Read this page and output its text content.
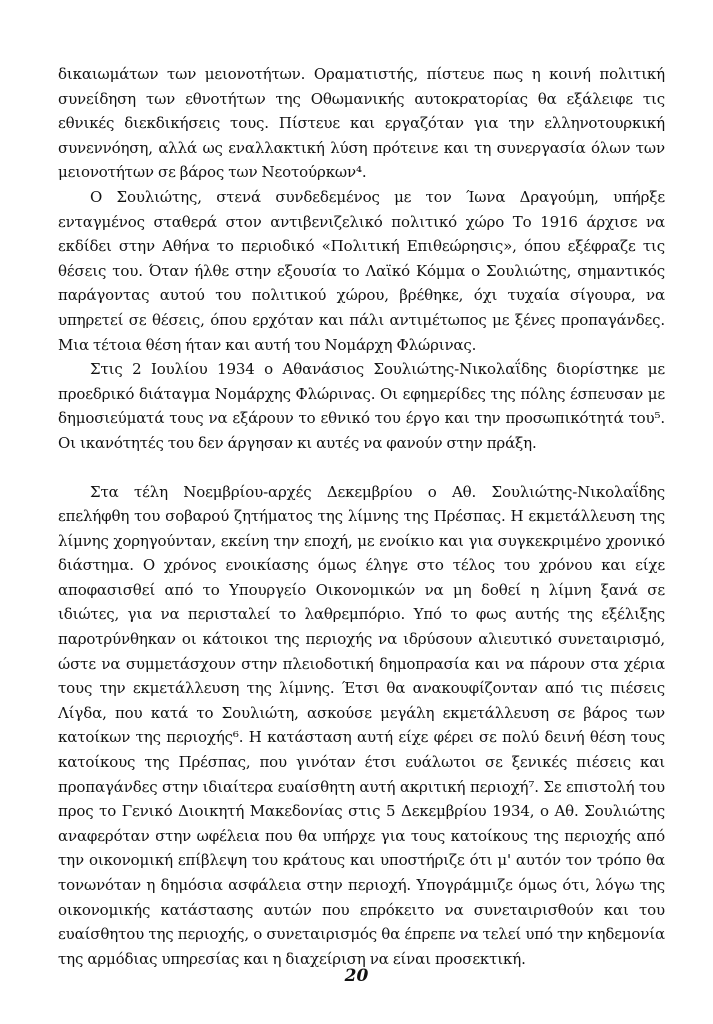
δικαιωμάτων των μειονοτήτων. Οραματιστής, πίστευε πως η κοινή πολιτική συνείδηση των εθνοτήτων της Οθωμανικής αυτοκρατορίας θα εξάλειφε τις εθνικές διεκδικήσεις τους. Πίστευε και εργαζόταν για την ελληνοτουρκική συνεννόηση, αλλά ως εναλλακτική λύση πρότεινε και τη συνεργασία όλων των μειονοτήτων σε βάρος των Νεοτούρκων⁴.

Ο Σουλιώτης, στενά συνδεδεμένος με τον Ίωνα Δραγούμη, υπήρξε ενταγμένος σταθερά στον αντιβενιζελικό πολιτικό χώρο Το 1916 άρχισε να εκδίδει στην Αθήνα το περιοδικό «Πολιτική Επιθεώρησις», όπου εξέφραζε τις θέσεις του. Όταν ήλθε στην εξουσία το Λαϊκό Κόμμα ο Σουλιώτης, σημαντικός παράγοντας αυτού του πολιτικού χώρου, βρέθηκε, όχι τυχαία σίγουρα, να υπηρετεί σε θέσεις, όπου ερχόταν και πάλι αντιμέτωπος με ξένες προπαγάνδες. Μια τέτοια θέση ήταν και αυτή του Νομάρχη Φλώρινας.

Στις 2 Ιουλίου 1934 ο Αθανάσιος Σουλιώτης-Νικολαΐδης διορίστηκε με προεδρικό διάταγμα Νομάρχης Φλώρινας. Οι εφημερίδες της πόλης έσπευσαν με δημοσιεύματά τους να εξάρουν το εθνικό του έργο και την προσωπικότητά του⁵. Οι ικανότητές του δεν άργησαν κι αυτές να φανούν στην πράξη.

Στα τέλη Νοεμβρίου-αρχές Δεκεμβρίου ο Αθ. Σουλιώτης-Νικολαΐδης επελήφθη του σοβαρού ζητήματος της λίμνης της Πρέσπας. Η εκμετάλλευση της λίμνης χορηγούνταν, εκείνη την εποχή, με ενοίκιο και για συγκεκριμένο χρονικό διάστημα. Ο χρόνος ενοικίασης όμως έληγε στο τέλος του χρόνου και είχε αποφασισθεί από το Υπουργείο Οικονομικών να μη δοθεί η λίμνη ξανά σε ιδιώτες, για να περισταλεί το λαθρεμπόριο. Υπό το φως αυτής της εξέλιξης παροτρύνθηκαν οι κάτοικοι της περιοχής να ιδρύσουν αλιευτικό συνεταιρισμό, ώστε να συμμετάσχουν στην πλειοδοτική δημοπρασία και να πάρουν στα χέρια τους την εκμετάλλευση της λίμνης. Έτσι θα ανακουφίζονταν από τις πιέσεις Λίγδα, που κατά το Σουλιώτη, ασκούσε μεγάλη εκμετάλλευση σε βάρος των κατοίκων της περιοχής⁶. Η κατάσταση αυτή είχε φέρει σε πολύ δεινή θέση τους κατοίκους της Πρέσπας, που γινόταν έτσι ευάλωτοι σε ξενικές πιέσεις και προπαγάνδες στην ιδιαίτερα ευαίσθητη αυτή ακριτική περιοχή⁷. Σε επιστολή του προς το Γενικό Διοικητή Μακεδονίας στις 5 Δεκεμβρίου 1934, ο Αθ. Σουλιώτης αναφερόταν στην ωφέλεια που θα υπήρχε για τους κατοίκους της περιοχής από την οικονομική επίβλεψη του κράτους και υποστήριζε ότι μ' αυτόν τον τρόπο θα τονωνόταν η δημόσια ασφάλεια στην περιοχή. Υπογράμμιζε όμως ότι, λόγω της οικονομικής κατάστασης αυτών που επρόκειτο να συνεταιρισθούν και του ευαίσθητου της περιοχής, ο συνεταιρισμός θα έπρεπε να τελεί υπό την κηδεμονία της αρμόδιας υπηρεσίας και η διαχείριση να είναι προσεκτική.

20
